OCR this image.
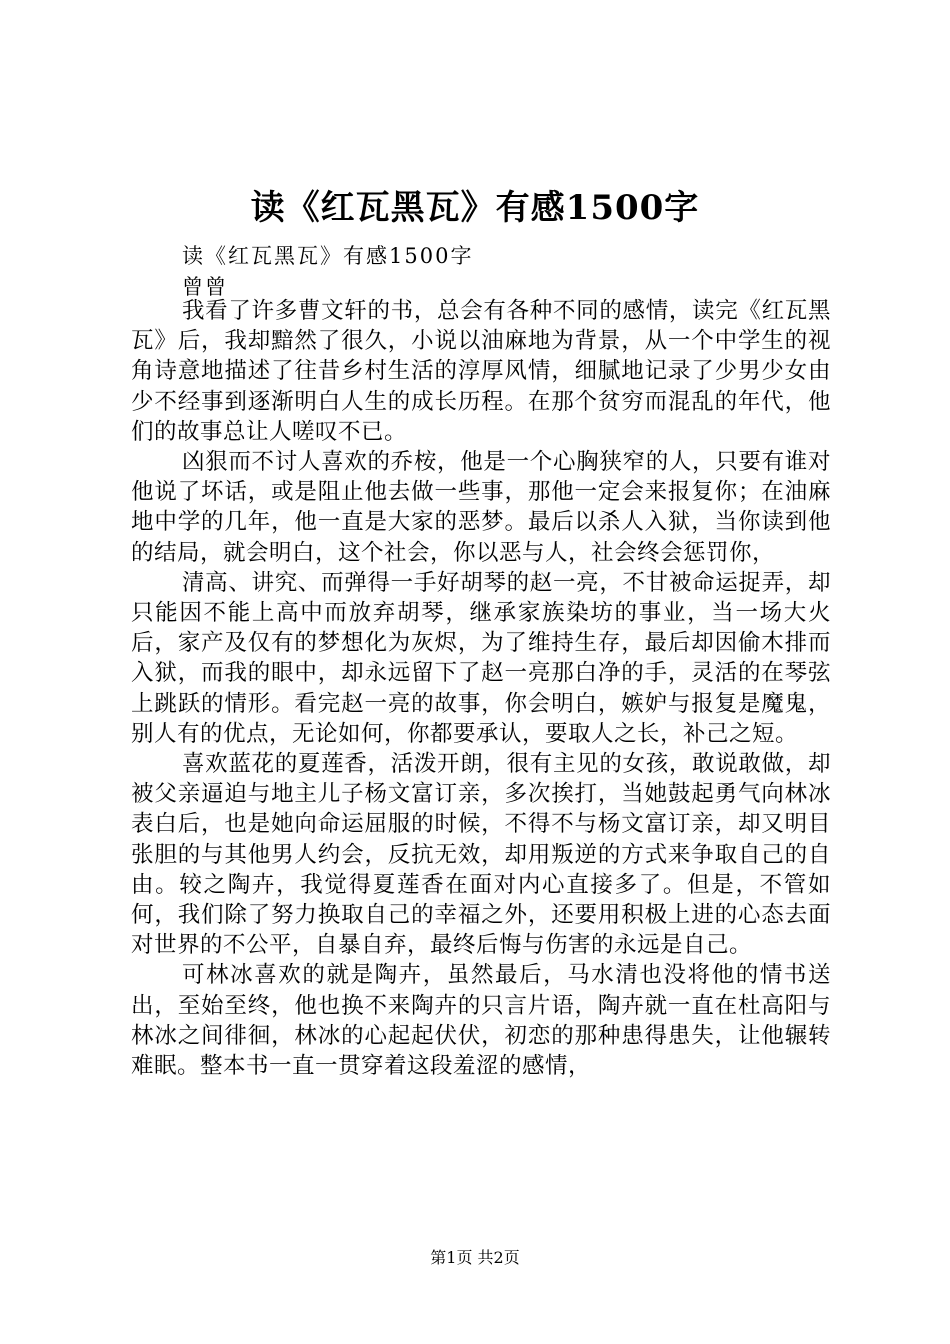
读《红瓦黑瓦》有感1500字
读《红瓦黑瓦》有感1500字
曾曾

我看了许多曹文轩的书，总会有各种不同的感情，读完《红瓦黑瓦》后，我却黯然了很久，小说以油麻地为背景，从一个中学生的视角诗意地描述了往昔乡村生活的淳厚风情，细腻地记录了少男少女由少不经事到逐渐明白人生的成长历程。在那个贫穷而混乱的年代，他们的故事总让人嗟叹不已。

凶狠而不讨人喜欢的乔桉，他是一个心胸狭窄的人，只要有谁对他说了坏话，或是阻止他去做一些事，那他一定会来报复你；在油麻地中学的几年，他一直是大家的恶梦。最后以杀人入狱，当你读到他的结局，就会明白，这个社会，你以恶与人，社会终会惩罚你，

清高、讲究、而弹得一手好胡琴的赵一亮，不甘被命运捉弄，却只能因不能上高中而放弃胡琴，继承家族染坊的事业，当一场大火后，家产及仅有的梦想化为灰烬，为了维持生存，最后却因偷木排而入狱，而我的眼中，却永远留下了赵一亮那白净的手，灵活的在琴弦上跳跃的情形。看完赵一亮的故事，你会明白，嫉妒与报复是魔鬼，别人有的优点，无论如何，你都要承认，要取人之长，补己之短。

喜欢蓝花的夏莲香，活泼开朗，很有主见的女孩，敢说敢做，却被父亲逼迫与地主儿子杨文富订亲，多次挨打，当她鼓起勇气向林冰表白后，也是她向命运屈服的时候，不得不与杨文富订亲，却又明目张胆的与其他男人约会，反抗无效，却用叛逆的方式来争取自己的自由。较之陶卉，我觉得夏莲香在面对内心直接多了。但是，不管如何，我们除了努力换取自己的幸福之外，还要用积极上进的心态去面对世界的不公平，自暴自弃，最终后悔与伤害的永远是自己。

可林冰喜欢的就是陶卉，虽然最后，马水清也没将他的情书送出，至始至终，他也换不来陶卉的只言片语，陶卉就一直在杜高阳与林冰之间徘徊，林冰的心起起伏伏，初恋的那种患得患失，让他辗转难眠。整本书一直一贯穿着这段羞涩的感情，

第1页 共2页
